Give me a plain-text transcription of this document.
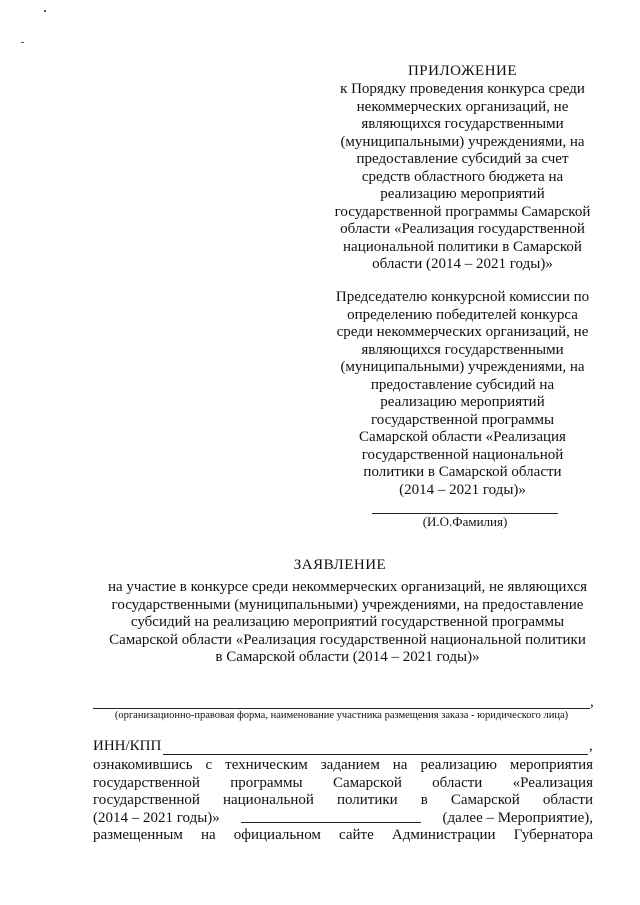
ПРИЛОЖЕНИЕ
к Порядку проведения конкурса среди
некоммерческих организаций, не
являющихся государственными
(муниципальными) учреждениями, на
предоставление субсидий за счет
средств областного бюджета на
реализацию мероприятий
государственной программы Самарской
области «Реализация государственной
национальной политики в Самарской
области (2014 – 2021 годы)»
Председателю конкурсной комиссии по
определению победителей конкурса
среди некоммерческих организаций, не
являющихся государственными
(муниципальными) учреждениями, на
предоставление субсидий на
реализацию мероприятий
государственной программы
Самарской области «Реализация
государственной национальной
политики в Самарской области
(2014 – 2021 годы)»
(И.О.Фамилия)
ЗАЯВЛЕНИЕ
на участие в конкурсе среди некоммерческих организаций, не являющихся
государственными (муниципальными) учреждениями, на предоставление
субсидий на реализацию мероприятий государственной программы
Самарской области «Реализация государственной национальной политики
в Самарской области (2014 – 2021 годы)»
,
(организационно-правовая форма, наименование участника размещения заказа - юридического лица)
ИНН/КПП	,
ознакомившись с техническим заданием на реализацию мероприятия
государственной программы Самарской области «Реализация
государственной национальной политики в Самарской области
(2014 – 2021 годы)»	(далее – Мероприятие),
размещенным на официальном сайте Администрации Губернатора
